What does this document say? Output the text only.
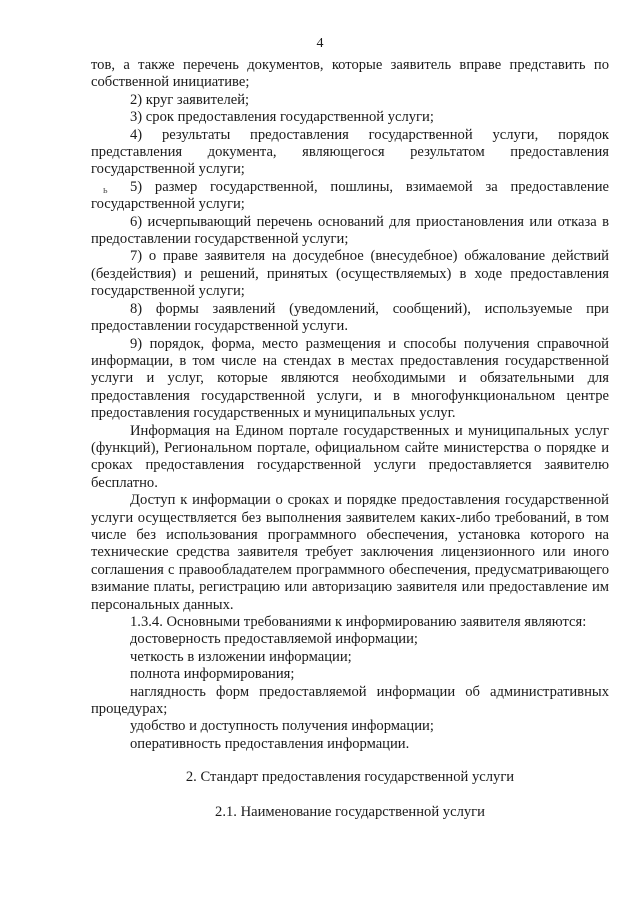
4
ь

тов, а также перечень документов, которые заявитель вправе представить по собственной инициативе;

2) круг заявителей;

3) срок предоставления государственной услуги;

4) результаты предоставления государственной услуги, порядок представления документа, являющегося результатом предоставления государственной услуги;

5) размер государственной, пошлины, взимаемой за предоставление государственной услуги;

6) исчерпывающий перечень оснований для приостановления или отказа в предоставлении государственной услуги;

7) о праве заявителя на досудебное (внесудебное) обжалование действий (бездействия) и решений, принятых (осуществляемых) в ходе предоставления государственной услуги;

8) формы заявлений (уведомлений, сообщений), используемые при предоставлении государственной услуги.

9) порядок, форма, место размещения и способы получения справочной информации, в том числе на стендах в местах предоставления государственной услуги и услуг, которые являются необходимыми и обязательными для предоставления государственной услуги, и в многофункциональном центре предоставления государственных и муниципальных услуг.

Информация на Едином портале государственных и муниципальных услуг (функций), Региональном портале, официальном сайте министерства о порядке и сроках предоставления государственной услуги предоставляется заявителю бесплатно.

Доступ к информации о сроках и порядке предоставления государственной услуги осуществляется без выполнения заявителем каких-либо требований, в том числе без использования программного обеспечения, установка которого на технические средства заявителя требует заключения лицензионного или иного соглашения с правообладателем программного обеспечения, предусматривающего взимание платы, регистрацию или авторизацию заявителя или предоставление им персональных данных.

1.3.4. Основными требованиями к информированию заявителя являются:

достоверность предоставляемой информации;

четкость в изложении информации;

полнота информирования;

наглядность форм предоставляемой информации об административных процедурах;

удобство и доступность получения информации;

оперативность предоставления информации.

2. Стандарт предоставления государственной услуги

2.1. Наименование государственной услуги
